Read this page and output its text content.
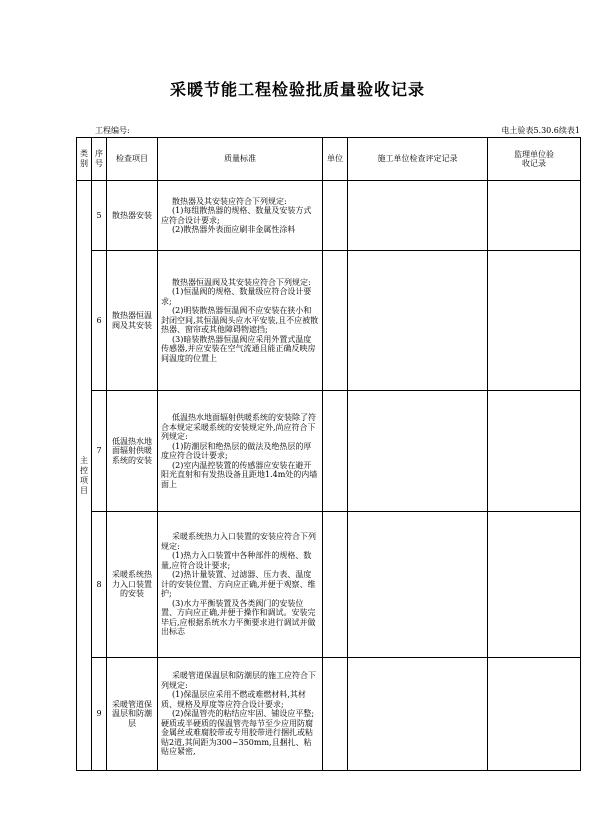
采暖节能工程检验批质量验收记录
工程编号:	电土验表5.30.6续表1
类别	序号	检查项目	质量标准	单位	施工单位检查评定记录	监理单位验收记录
主控项目	5	散热器安装	散热器及其安装应符合下列规定:

(1)每组散热器的规格、数量及安装方式应符合设计要求;

(2)散热器外表面应刷非金属性涂料			

	6	散热器恒温阀及其安装	散热器恒温阀及其安装应符合下列规定:

(1)恒温阀的规格、数量级应符合设计要求;

(2)明装散热器恒温阀不应安装在狭小和封闭空间,其恒温阀头应水平安装,且不应被散热器、窗帘或其他障碍物遮挡;

(3)暗装散热器恒温阀应采用外置式温度传感器,并应安装在空气流通且能正确反映房间温度的位置上			

	7	低温热水地面辐射供暖系统的安装	低温热水地面辐射供暖系统的安装除了符合本规定采暖系统的安装规定外,尚应符合下列规定:

(1)防潮层和绝热层的做法及绝热层的厚度应符合设计要求;

(2)室内温控装置的传感器应安装在避开阳光直射和有发热设备且距地1.4m处的内墙面上			

	8	采暖系统热力入口装置的安装	采暖系统热力入口装置的安装应符合下列规定:

(1)热力入口装置中各种部件的规格、数量,应符合设计要求;

(2)热计量装置、过滤器、压力表、温度计的安装位置、方向应正确,并便于观察、维护;

(3)水力平衡装置及各类阀门的安装位置、方向应正确,并便于操作和调试。安装完毕后,应根据系统水力平衡要求进行调试并做出标志			

	9	采暖管道保温层和防潮层	采暖管道保温层和防潮层的施工应符合下列规定:

(1)保温层应采用不燃或难燃材料,其材质、规格及厚度等应符合设计要求;

(2)保温管壳的粘结应牢固、铺设应平整;硬质或半硬质的保温管壳每节至少应用防腐金属丝或难腐胶带或专用胶带进行捆扎或粘贴2道,其间距为300~350mm,且捆扎、粘贴应紧密,			
